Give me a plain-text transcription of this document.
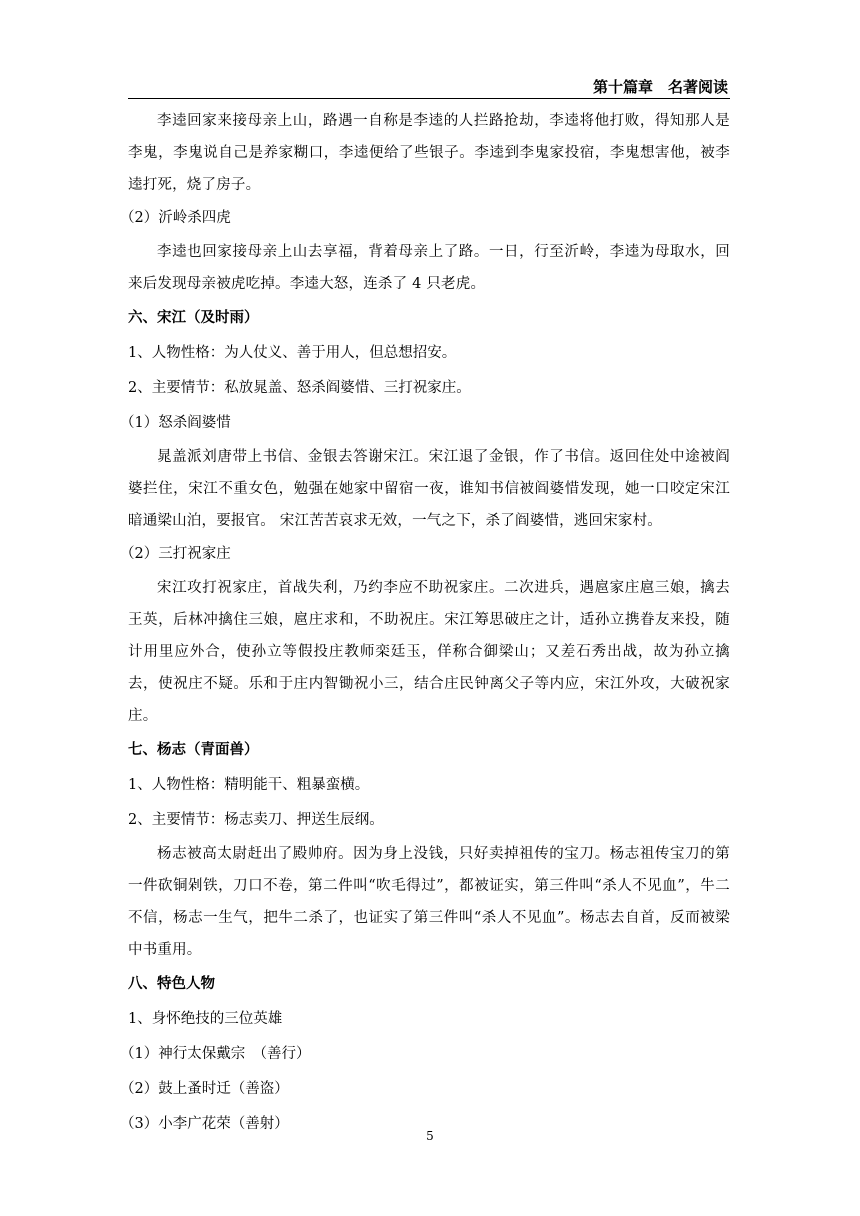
第十篇章　名著阅读

李逵回家来接母亲上山，路遇一自称是李逵的人拦路抢劫，李逵将他打败，得知那人是李鬼，李鬼说自己是养家糊口，李逵便给了些银子。李逵到李鬼家投宿，李鬼想害他，被李逵打死，烧了房子。

（2）沂岭杀四虎

李逵也回家接母亲上山去享福，背着母亲上了路。一日，行至沂岭，李逵为母取水，回来后发现母亲被虎吃掉。李逵大怒，连杀了 4 只老虎。

六、宋江（及时雨）

1、人物性格：为人仗义、善于用人，但总想招安。

2、主要情节：私放晁盖、怒杀阎婆惜、三打祝家庄。

（1）怒杀阎婆惜

晁盖派刘唐带上书信、金银去答谢宋江。宋江退了金银，作了书信。返回住处中途被阎婆拦住，宋江不重女色，勉强在她家中留宿一夜，谁知书信被阎婆惜发现，她一口咬定宋江暗通梁山泊，要报官。 宋江苦苦哀求无效，一气之下，杀了阎婆惜，逃回宋家村。

（2）三打祝家庄

宋江攻打祝家庄，首战失利，乃约李应不助祝家庄。二次进兵，遇扈家庄扈三娘，擒去王英，后林冲擒住三娘，扈庄求和，不助祝庄。宋江筹思破庄之计，适孙立携眷友来投，随计用里应外合，使孙立等假投庄教师栾廷玉，佯称合御梁山；又差石秀出战，故为孙立擒去，使祝庄不疑。乐和于庄内智锄祝小三，结合庄民钟离父子等内应，宋江外攻，大破祝家庄。

七、杨志（青面兽）

1、人物性格：精明能干、粗暴蛮横。

2、主要情节：杨志卖刀、押送生辰纲。

杨志被高太尉赶出了殿帅府。因为身上没钱，只好卖掉祖传的宝刀。杨志祖传宝刀的第一件砍铜剁铁，刀口不卷，第二件叫“吹毛得过”，都被证实，第三件叫“杀人不见血”，牛二不信，杨志一生气，把牛二杀了，也证实了第三件叫“杀人不见血”。杨志去自首，反而被梁中书重用。

八、特色人物

1、身怀绝技的三位英雄

（1）神行太保戴宗　（善行）

（2）鼓上蚤时迁（善盗）

（3）小李广花荣（善射）

5
